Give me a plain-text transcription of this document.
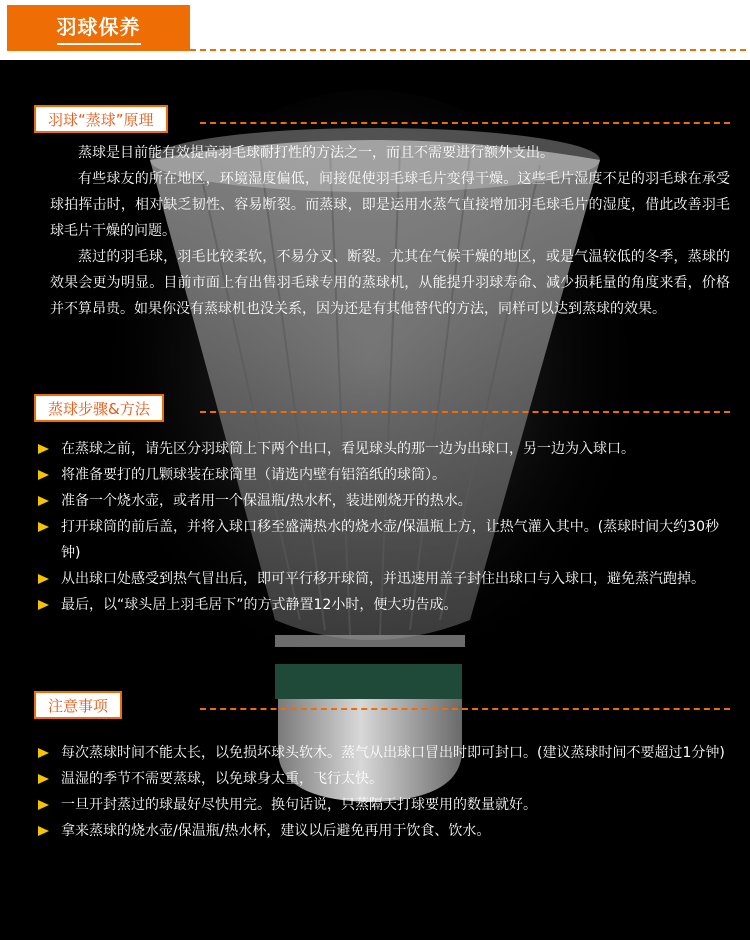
羽球保养
羽球“蒸球”原理

蒸球是目前能有效提高羽毛球耐打性的方法之一，而且不需要进行额外支出。

有些球友的所在地区，环境湿度偏低，间接促使羽毛球毛片变得干燥。这些毛片湿度不足的羽毛球在承受球拍挥击时，相对缺乏韧性、容易断裂。而蒸球，即是运用水蒸气直接增加羽毛球毛片的湿度，借此改善羽毛球毛片干燥的问题。

蒸过的羽毛球，羽毛比较柔软，不易分叉、断裂。尤其在气候干燥的地区，或是气温较低的冬季，蒸球的效果会更为明显。目前市面上有出售羽毛球专用的蒸球机，从能提升羽球寿命、减少损耗量的角度来看，价格并不算昂贵。如果你没有蒸球机也没关系，因为还是有其他替代的方法，同样可以达到蒸球的效果。

蒸球步骤&方法
在蒸球之前，请先区分羽球筒上下两个出口，看见球头的那一边为出球口，另一边为入球口。
将准备要打的几颗球装在球筒里（请选内壁有铝箔纸的球筒）。
准备一个烧水壶，或者用一个保温瓶/热水杯，装进刚烧开的热水。
打开球筒的前后盖，并将入球口移至盛满热水的烧水壶/保温瓶上方，让热气灌入其中。(蒸球时间大约30秒钟)
从出球口处感受到热气冒出后，即可平行移开球筒，并迅速用盖子封住出球口与入球口，避免蒸汽跑掉。
最后，以“球头居上羽毛居下”的方式静置12小时，便大功告成。
注意事项
每次蒸球时间不能太长，以免损坏球头软木。蒸气从出球口冒出时即可封口。(建议蒸球时间不要超过1分钟)
温湿的季节不需要蒸球，以免球身太重，飞行太快。
一旦开封蒸过的球最好尽快用完。换句话说，只蒸隔天打球要用的数量就好。
拿来蒸球的烧水壶/保温瓶/热水杯，建议以后避免再用于饮食、饮水。
